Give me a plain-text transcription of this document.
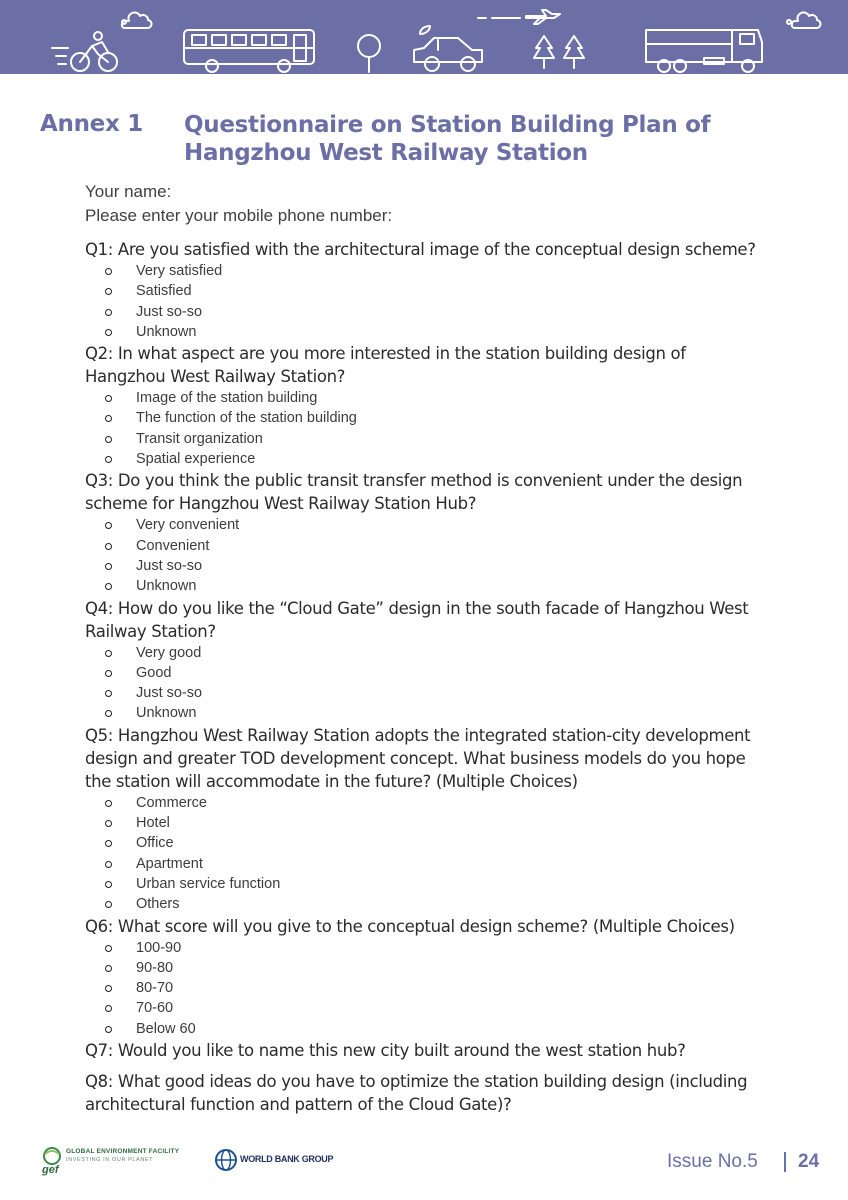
Annex 1 Questionnaire on Station Building Plan of
Hangzhou West Railway Station
Your name:
Please enter your mobile phone number:
Q1: Are you satisfied with the architectural image of the conceptual design scheme?
Very satisfied
Satisfied
Just so-so
Unknown
Q2: In what aspect are you more interested in the station building design of
Hangzhou West Railway Station?
Image of the station building
The function of the station building
Transit organization
Spatial experience
Q3: Do you think the public transit transfer method is convenient under the design
scheme for Hangzhou West Railway Station Hub?
Very convenient
Convenient
Just so-so
Unknown
Q4: How do you like the “Cloud Gate” design in the south facade of Hangzhou West
Railway Station?
Very good
Good
Just so-so
Unknown
Q5: Hangzhou West Railway Station adopts the integrated station-city development
design and greater TOD development concept. What business models do you hope
the station will accommodate in the future? (Multiple Choices)
Commerce
Hotel
Office
Apartment
Urban service function
Others
Q6: What score will you give to the conceptual design scheme? (Multiple Choices)
100-90
90-80
80-70
70-60
Below 60
Q7: Would you like to name this new city built around the west station hub?
Q8: What good ideas do you have to optimize the station building design (including
architectural function and pattern of the Cloud Gate)?
gef
GLOBAL ENVIRONMENT FACILITY
INVESTING IN OUR PLANET	WORLD BANK GROUP	Issue No.5 24
